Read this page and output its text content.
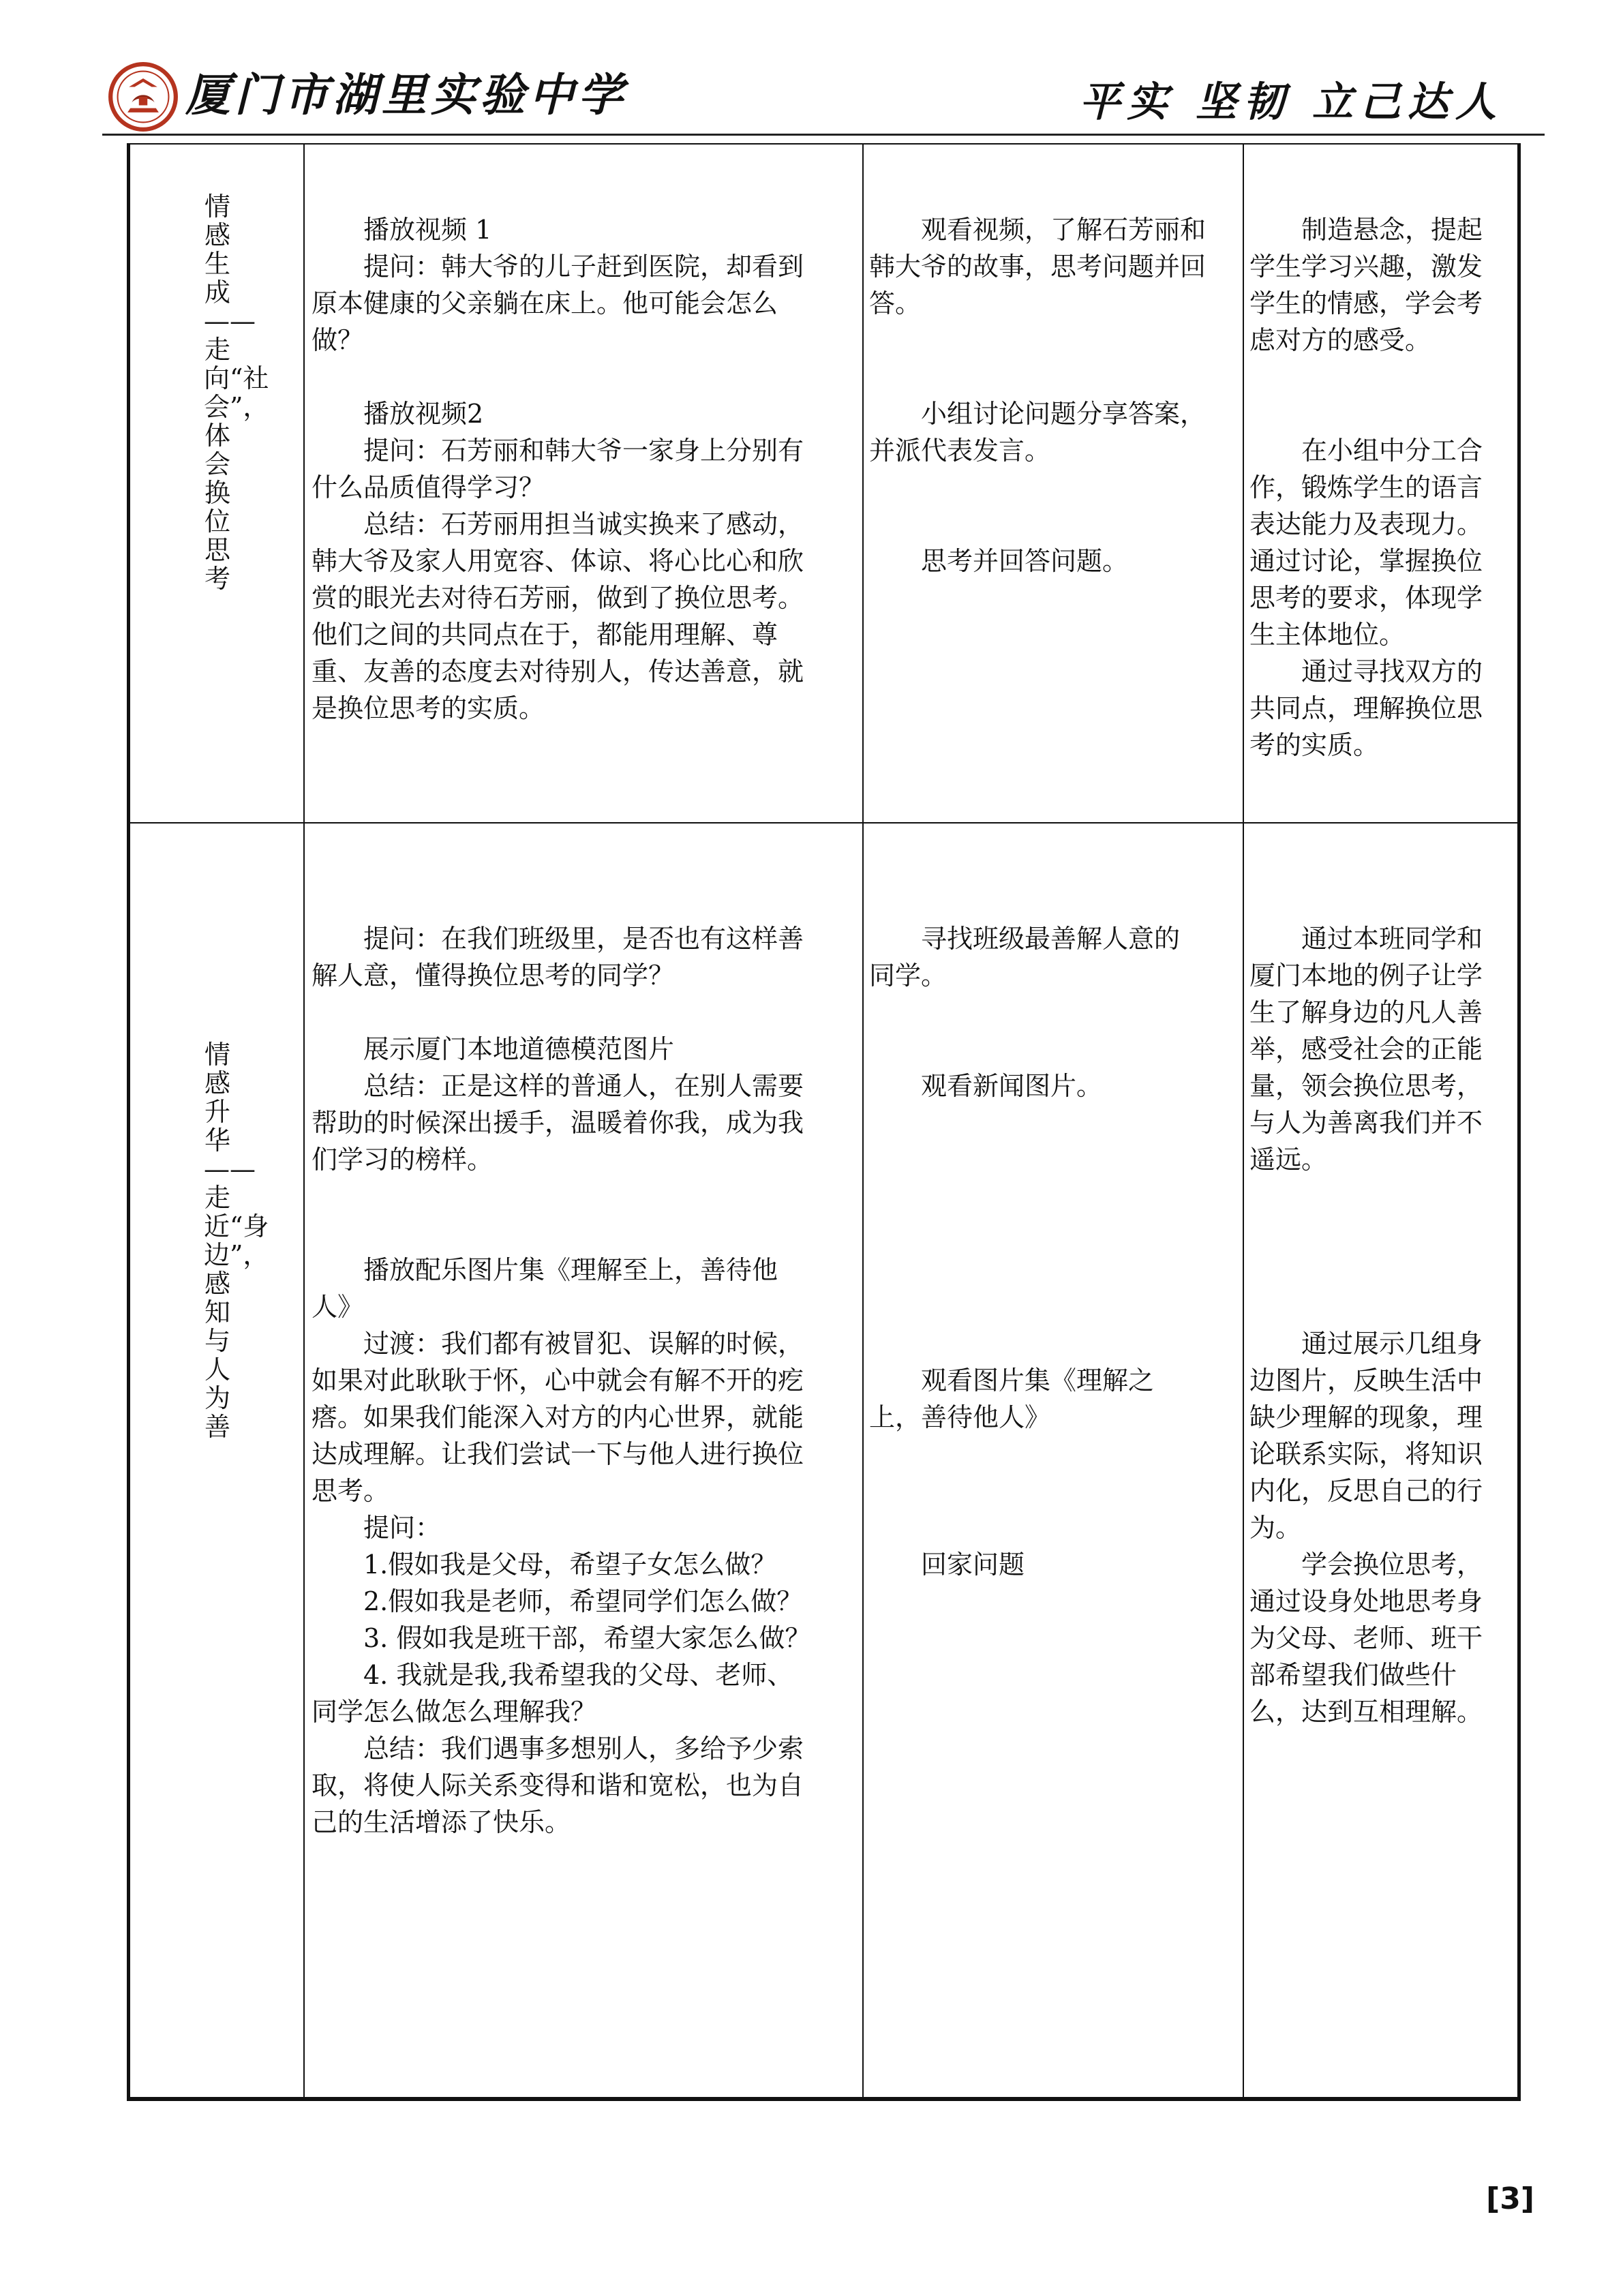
厦门市湖里实验中学	平实 坚韧 立己达人
情感生成——走向“社会”，体会换位思考
　　播放视频 1
　　提问：韩大爷的儿子赶到医院，却看到
原本健康的父亲躺在床上。他可能会怎么
做？
　　播放视频2
　　提问：石芳丽和韩大爷一家身上分别有
什么品质值得学习？
　　总结：石芳丽用担当诚实换来了感动，
韩大爷及家人用宽容、体谅、将心比心和欣
赏的眼光去对待石芳丽，做到了换位思考。
他们之间的共同点在于，都能用理解、尊
重、友善的态度去对待别人，传达善意，就
是换位思考的实质。
　　观看视频，了解石芳丽和
韩大爷的故事，思考问题并回
答。
　　小组讨论问题分享答案，
并派代表发言。
　　思考并回答问题。
　　制造悬念，提起
学生学习兴趣，激发
学生的情感，学会考
虑对方的感受。
　　在小组中分工合
作，锻炼学生的语言
表达能力及表现力。
通过讨论，掌握换位
思考的要求，体现学
生主体地位。
　　通过寻找双方的
共同点，理解换位思
考的实质。
情感升华——走近“身边”，感知与人为善
　　提问：在我们班级里，是否也有这样善
解人意，懂得换位思考的同学？
　　展示厦门本地道德模范图片
　　总结：正是这样的普通人，在别人需要
帮助的时候深出援手，温暖着你我，成为我
们学习的榜样。
　　播放配乐图片集《理解至上，善待他
人》
　　过渡：我们都有被冒犯、误解的时候，
如果对此耿耿于怀，心中就会有解不开的疙
瘩。如果我们能深入对方的内心世界，就能
达成理解。让我们尝试一下与他人进行换位
思考。
　　提问：
　　1.假如我是父母，希望子女怎么做？
　　2.假如我是老师，希望同学们怎么做？
　　3. 假如我是班干部，希望大家怎么做？
　　4. 我就是我,我希望我的父母、老师、
同学怎么做怎么理解我？
　　总结：我们遇事多想别人，多给予少索
取，将使人际关系变得和谐和宽松，也为自
己的生活增添了快乐。
　　寻找班级最善解人意的
同学。
　　观看新闻图片。
　　观看图片集《理解之
上，善待他人》
　　回家问题
　　通过本班同学和
厦门本地的例子让学
生了解身边的凡人善
举，感受社会的正能
量，领会换位思考，
与人为善离我们并不
遥远。
　　通过展示几组身
边图片，反映生活中
缺少理解的现象，理
论联系实际，将知识
内化，反思自己的行
为。
　　学会换位思考，
通过设身处地思考身
为父母、老师、班干
部希望我们做些什
么，达到互相理解。
[3]
